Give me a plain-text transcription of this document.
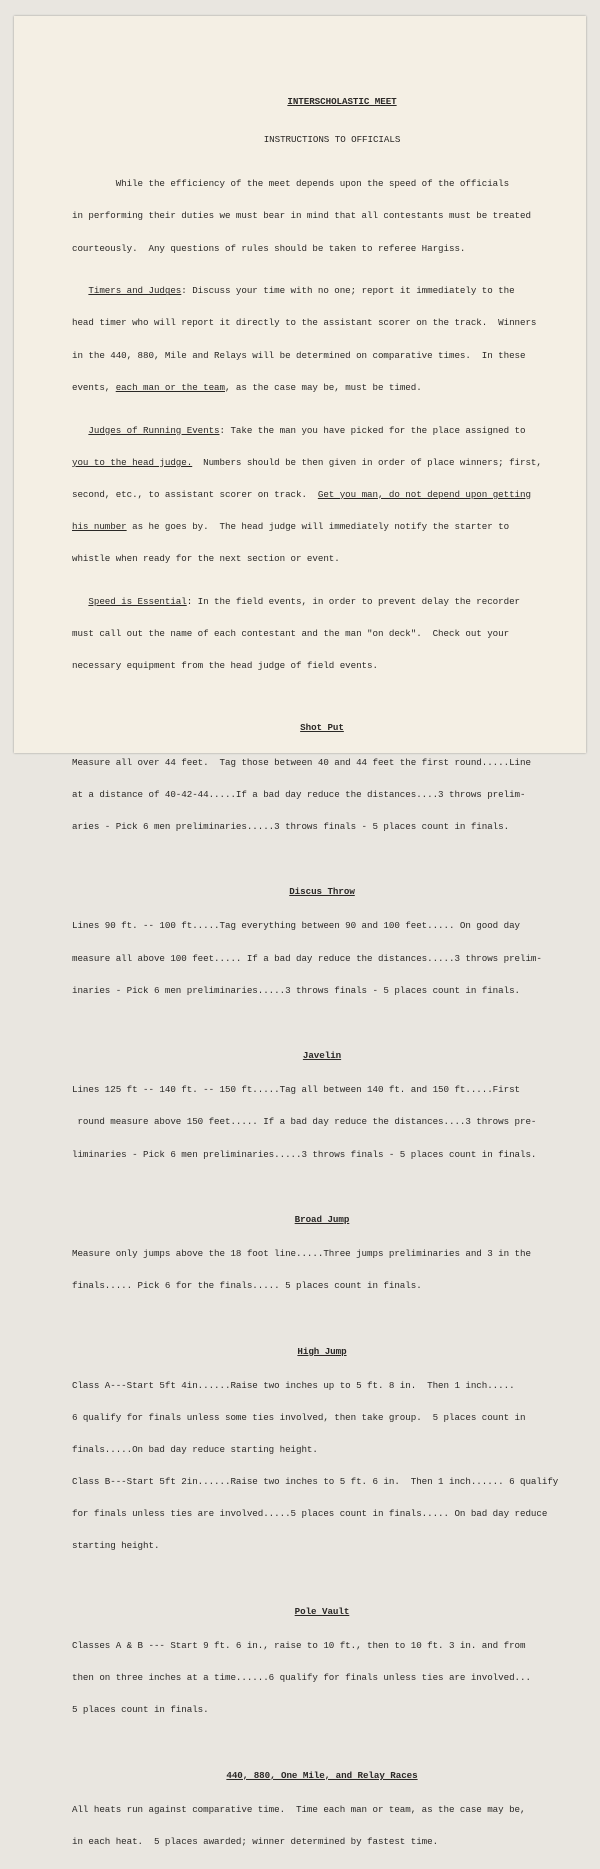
INTERSCHOLASTIC MEET

INSTRUCTIONS TO OFFICIALS

While the efficiency of the meet depends upon the speed of the officials

in performing their duties we must bear in mind that all contestants must be treated

courteously.  Any questions of rules should be taken to referee Hargiss.

Timers and Judges: Discuss your time with no one; report it immediately to the

head timer who will report it directly to the assistant scorer on the track.  Winners

in the 440, 880, Mile and Relays will be determined on comparative times.  In these

events, each man or the team, as the case may be, must be timed.

Judges of Running Events: Take the man you have picked for the place assigned to

you to the head judge.  Numbers should be then given in order of place winners; first,

second, etc., to assistant scorer on track.  Get you man, do not depend upon getting

his number as he goes by.  The head judge will immediately notify the starter to

whistle when ready for the next section or event.

Speed is Essential: In the field events, in order to prevent delay the recorder

must call out the name of each contestant and the man "on deck".  Check out your

necessary equipment from the head judge of field events.

Shot Put

Measure all over 44 feet.  Tag those between 40 and 44 feet the first round.....Line

at a distance of 40-42-44.....If a bad day reduce the distances....3 throws prelim-

aries - Pick 6 men preliminaries.....3 throws finals - 5 places count in finals.

Discus Throw

Lines 90 ft. -- 100 ft.....Tag everything between 90 and 100 feet..... On good day

measure all above 100 feet..... If a bad day reduce the distances.....3 throws prelim-

inaries - Pick 6 men preliminaries.....3 throws finals - 5 places count in finals.

Javelin

Lines 125 ft -- 140 ft. -- 150 ft.....Tag all between 140 ft. and 150 ft.....First

round measure above 150 feet..... If a bad day reduce the distances....3 throws pre-

liminaries - Pick 6 men preliminaries.....3 throws finals - 5 places count in finals.

Broad Jump

Measure only jumps above the 18 foot line.....Three jumps preliminaries and 3 in the

finals..... Pick 6 for the finals..... 5 places count in finals.

High Jump

Class A---Start 5ft 4in......Raise two inches up to 5 ft. 8 in.  Then 1 inch.....

6 qualify for finals unless some ties involved, then take group.  5 places count in

finals.....On bad day reduce starting height.

Class B---Start 5ft 2in......Raise two inches to 5 ft. 6 in.  Then 1 inch...... 6 qualify

for finals unless ties are involved.....5 places count in finals..... On bad day reduce

starting height.

Pole Vault

Classes A & B --- Start 9 ft. 6 in., raise to 10 ft., then to 10 ft. 3 in. and from

then on three inches at a time......6 qualify for finals unless ties are involved...

5 places count in finals.

440, 880, One Mile, and Relay Races

All heats run against comparative time.  Time each man or team, as the case may be,

in each heat.  5 places awarded; winner determined by fastest time.
